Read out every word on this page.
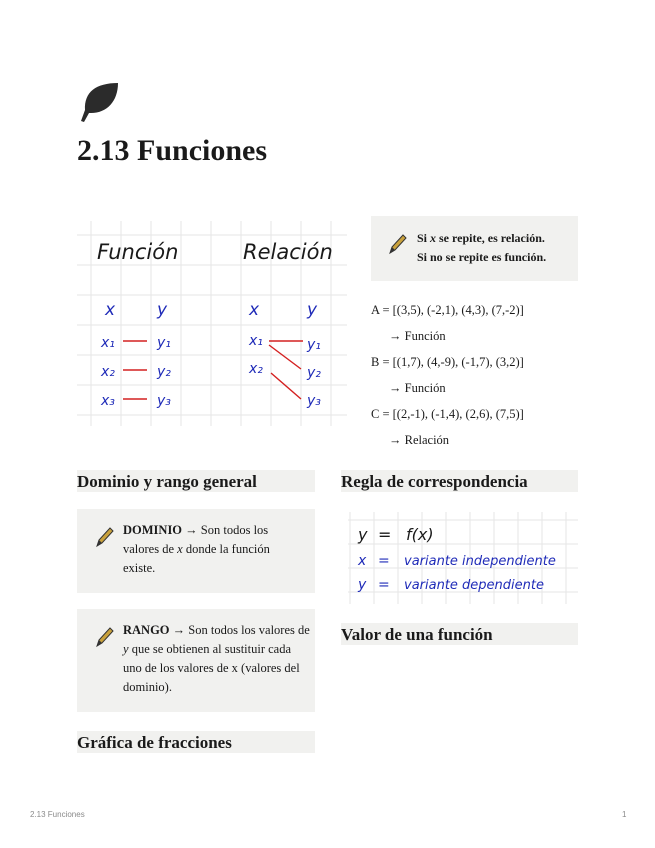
2.13 Funciones
Función	Relación
x y
x₁	y₁
x₂	y₂
x₃	y₃
x	y
x₁
x₂
y₁
y₂
y₃
Si x se repite, es relación.
Si no se repite es función.
A = [(3,5), (-2,1), (4,3), (7,-2)]
→ Función
B = [(1,7), (4,-9), (-1,7), (3,2)]
→ Función
C = [(2,-1), (-1,4), (2,6), (7,5)]
→ Relación
Dominio y rango general	Regla de correspondencia
Valor de una función
Gráfica de fracciones
DOMINIO → Son todos los valores de x donde la función existe.
RANGO → Son todos los valores de y que se obtienen al sustituir cada uno de los valores de x (valores del dominio).
y = f(x)
x = variante independiente
y = variante dependiente
2.13 Funciones	1
